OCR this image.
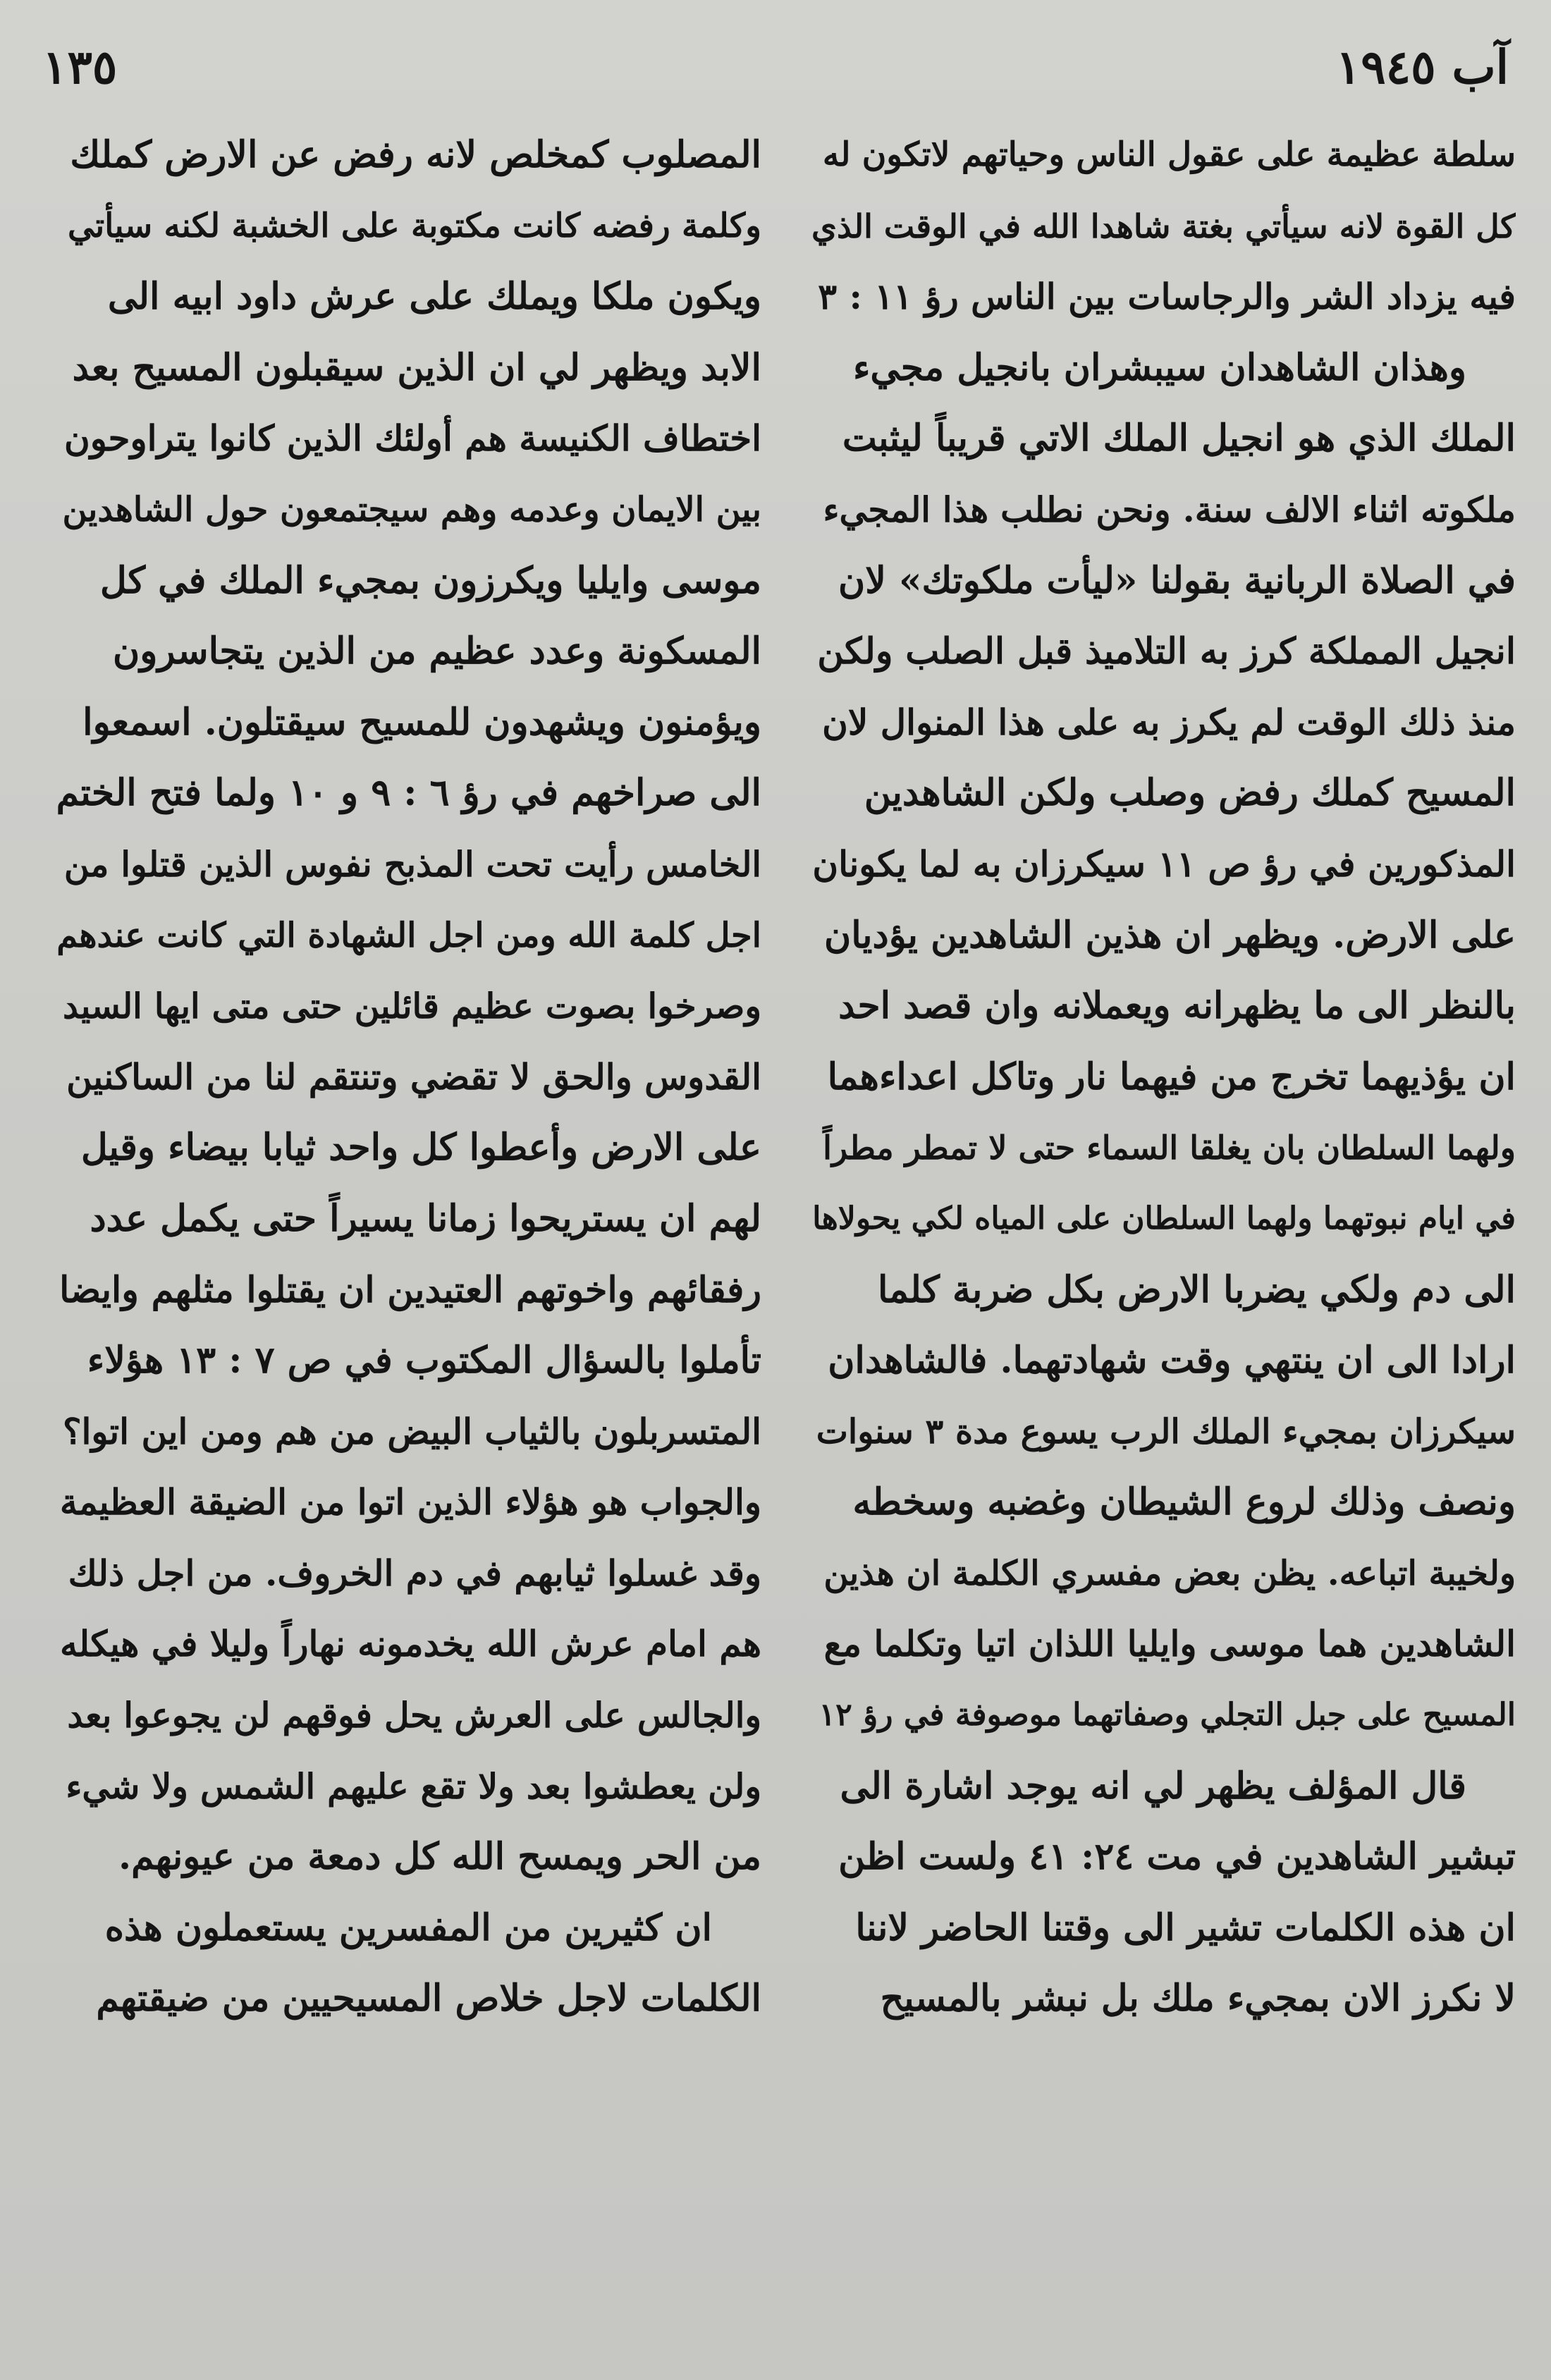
١٣٥	آب ١٩٤٥
سلطة عظيمة على عقول الناس وحياتهم لاتكون له
كل القوة لانه سيأتي بغتة شاهدا الله في الوقت الذي
فيه يزداد الشر والرجاسات بين الناس رؤ ١١ : ٣
وهذان الشاهدان سيبشران بانجيل مجيء
الملك الذي هو انجيل الملك الاتي قريباً ليثبت
ملكوته اثناء الالف سنة. ونحن نطلب هذا المجيء
في الصلاة الربانية بقولنا «ليأت ملكوتك» لان
انجيل المملكة كرز به التلاميذ قبل الصلب ولكن
منذ ذلك الوقت لم يكرز به على هذا المنوال لان
المسيح كملك رفض وصلب ولكن الشاهدين
المذكورين في رؤ ص ١١ سيكرزان به لما يكونان
على الارض. ويظهر ان هذين الشاهدين يؤديان
بالنظر الى ما يظهرانه ويعملانه وان قصد احد
ان يؤذيهما تخرج من فيهما نار وتاكل اعداءهما
ولهما السلطان بان يغلقا السماء حتى لا تمطر مطراً
في ايام نبوتهما ولهما السلطان على المياه لكي يحولاها
الى دم ولكي يضربا الارض بكل ضربة كلما
ارادا الى ان ينتهي وقت شهادتهما. فالشاهدان
سيكرزان بمجيء الملك الرب يسوع مدة ٣ سنوات
ونصف وذلك لروع الشيطان وغضبه وسخطه
ولخيبة اتباعه. يظن بعض مفسري الكلمة ان هذين
الشاهدين هما موسى وايليا اللذان اتيا وتكلما مع
المسيح على جبل التجلي وصفاتهما موصوفة في رؤ ١٢
قال المؤلف يظهر لي انه يوجد اشارة الى
تبشير الشاهدين في مت ٢٤: ٤١ ولست اظن
ان هذه الكلمات تشير الى وقتنا الحاضر لاننا
لا نكرز الان بمجيء ملك بل نبشر بالمسيح
المصلوب كمخلص لانه رفض عن الارض كملك
وكلمة رفضه كانت مكتوبة على الخشبة لكنه سيأتي
ويكون ملكا ويملك على عرش داود ابيه الى
الابد ويظهر لي ان الذين سيقبلون المسيح بعد
اختطاف الكنيسة هم أولئك الذين كانوا يتراوحون
بين الايمان وعدمه وهم سيجتمعون حول الشاهدين
موسى وايليا ويكرزون بمجيء الملك في كل
المسكونة وعدد عظيم من الذين يتجاسرون
ويؤمنون ويشهدون للمسيح سيقتلون. اسمعوا
الى صراخهم في رؤ ٦ : ٩ و ١٠ ولما فتح الختم
الخامس رأيت تحت المذبح نفوس الذين قتلوا من
اجل كلمة الله ومن اجل الشهادة التي كانت عندهم
وصرخوا بصوت عظيم قائلين حتى متى ايها السيد
القدوس والحق لا تقضي وتنتقم لنا من الساكنين
على الارض وأعطوا كل واحد ثيابا بيضاء وقيل
لهم ان يستريحوا زمانا يسيراً حتى يكمل عدد
رفقائهم واخوتهم العتيدين ان يقتلوا مثلهم وايضا
تأملوا بالسؤال المكتوب في ص ٧ : ١٣ هؤلاء
المتسربلون بالثياب البيض من هم ومن اين اتوا؟
والجواب هو هؤلاء الذين اتوا من الضيقة العظيمة
وقد غسلوا ثيابهم في دم الخروف. من اجل ذلك
هم امام عرش الله يخدمونه نهاراً وليلا في هيكله
والجالس على العرش يحل فوقهم لن يجوعوا بعد
ولن يعطشوا بعد ولا تقع عليهم الشمس ولا شيء
من الحر ويمسح الله كل دمعة من عيونهم.
ان كثيرين من المفسرين يستعملون هذه
الكلمات لاجل خلاص المسيحيين من ضيقتهم
